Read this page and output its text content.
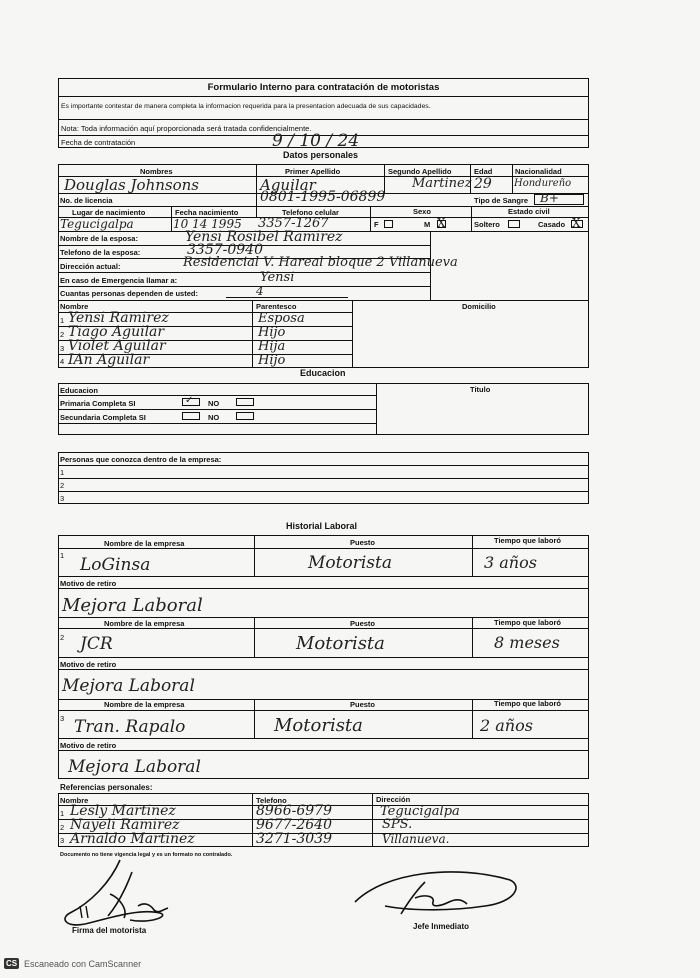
Formulario Interno para contratación de motoristas
Es importante contestar de manera completa la informacion requerida para la presentacion adecuada de sus capacidades.
Nota: Toda información aquí proporcionada será tratada confidencialmente.
Fecha de contratación	9 / 10 / 24
Datos personales
Nombres	Primer Apellido	Segundo Apellido	Edad	Nacionalidad
Douglas Johnsons	Aguilar	Martinez 29 Hondureño
No. de licencia	0801-1995-06899	Tipo de Sangre B+
Lugar de nacimiento	Fecha nacimiento	Telefono celular	Sexo	Estado civil
Tegucigalpa	10 14 1995 3357-1267	F	M X	Soltero	Casado X
Nombre de la esposa:	Yensi Rosibel Ramirez
Telefono de la esposa:	3357-0940
Dirección actual:	Residencial V. Hareal bloque 2 Villanueva
En caso de Emergencia llamar a:	Yensi
Cuantas personas dependen de usted:	4
Nombre	Parentesco	Domicilio
1 Yensi Ramirez	Esposa
2 Tiago Aguilar	Hijo
3 Violet Aguilar	Hija
4 IAn Aguilar	Hijo
Educacion
Educacion	Titulo
Primaria Completa SI	✓ NO
Secundaria Completa SI	NO
Personas que conozca dentro de la empresa:
1
2
3
Historial Laboral
Nombre de la empresa	Puesto	Tiempo que laboró
1 LoGinsa	Motorista	3 años
Motivo de retiro
Mejora Laboral
Nombre de la empresa	Puesto	Tiempo que laboró
2 JCR	Motorista	8 meses
Motivo de retiro
Mejora Laboral
Nombre de la empresa	Puesto	Tiempo que laboró
3 Tran. Rapalo	Motorista	2 años
Motivo de retiro
Mejora Laboral
Referencias personales:
Nombre	Telefono	Dirección
1 Lesly Martinez	8966-6979	Tegucigalpa
2 Nayeli Ramirez	9677-2640	SPS.
3 Arnaldo Martinez	3271-3039	Villanueva.
Documento no tiene vigencia legal y es un formato no contralado.
Firma del motorista	Jefe Inmediato
CS Escaneado con CamScanner
